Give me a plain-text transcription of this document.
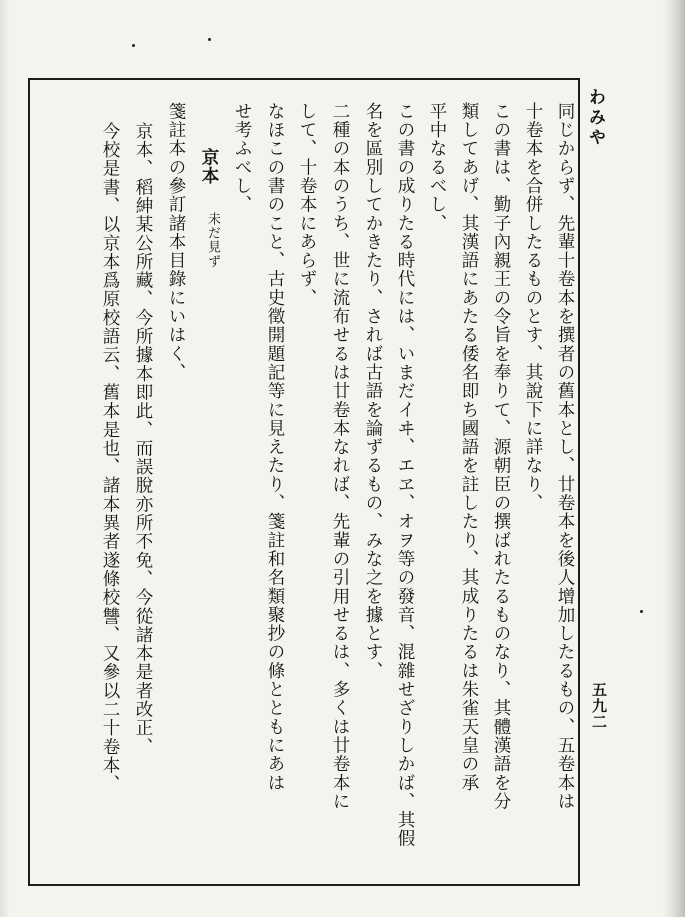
わみや
五九二
同じからず、先輩十卷本を撰者の舊本とし、廿卷本を後人增加したるもの、五卷本は
十卷本を合併したるものとす、其說下に詳なり、
この書は、勤子內親王の令旨を奉りて、源朝臣の撰ばれたるものなり、其體漢語を分
類してあげ、其漢語にあたる倭名即ち國語を註したり、其成りたるは朱雀天皇の承
平中なるべし、
この書の成りたる時代には、いまだイヰ、エヱ、オヲ等の發音、混雜せざりしかば、其假
名を區別してかきたり、されば古語を論ずるもの、みな之を據とす、
二種の本のうち、世に流布せるは廿卷本なれば、先輩の引用せるは、多くは廿卷本に
して、十卷本にあらず、
なほこの書のこと、古史徵開題記等に見えたり、箋註和名類聚抄の條とともにあは
せ考ふべし、
京本
未だ見ず
箋註本の參訂諸本目錄にいはく、
京本、稻紳某公所藏、今所據本即此、而誤脫亦所不免、今從諸本是者改正、
今校是書、以京本爲原校語云、舊本是也、諸本異者遂條校讐、又參以二十卷本、
